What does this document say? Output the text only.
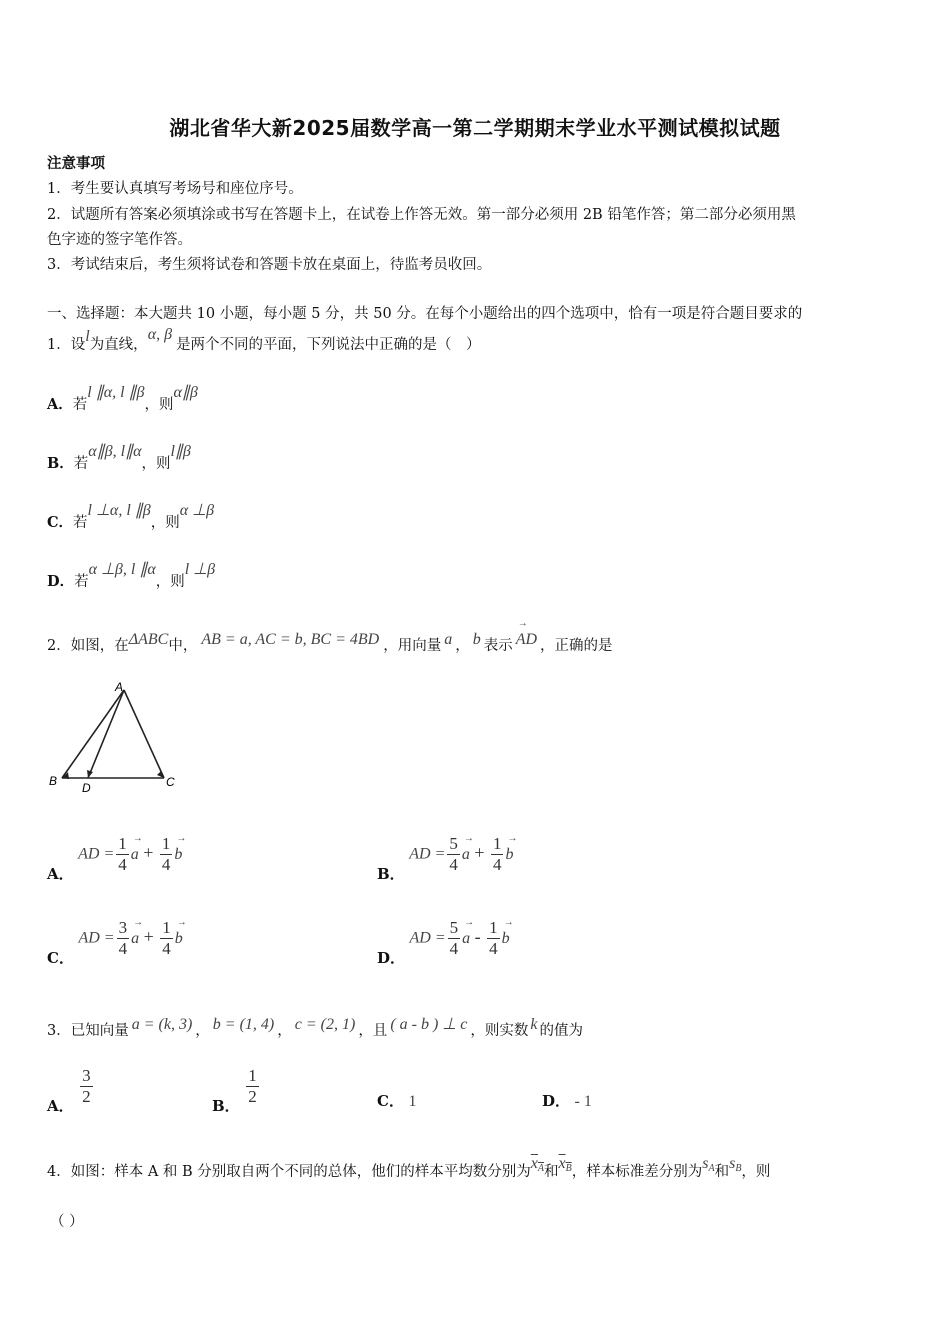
湖北省华大新2025届数学高一第二学期期末学业水平测试模拟试题
注意事项
1．考生要认真填写考场号和座位序号。
2．试题所有答案必须填涂或书写在答题卡上，在试卷上作答无效。第一部分必须用 2B 铅笔作答；第二部分必须用黑
色字迹的签字笔作答。
3．考试结束后，考生须将试卷和答题卡放在桌面上，待监考员收回。
一、选择题：本大题共 10 小题，每小题 5 分，共 50 分。在每个小题给出的四个选项中，恰有一项是符合题目要求的
1．设l为直线，α, β是两个不同的平面，下列说法中正确的是（　）
A．若l ∥α, l ∥β，则α∥β
B．若α∥β, l∥α，则l∥β
C．若l ⊥α, l ∥β，则α ⊥β
D．若α ⊥β, l ∥α，则l ⊥β
2．如图，在ΔABC中， AB = a, AC = b, BC = 4BD ，用向量 a ， b 表示 → AD ，正确的是
A
B	C
D
$_{A.}$ AD = $\frac{1}{4} \to a + \frac{1}{4} \to b$
$_{B.}$ AD = $\frac{5}{4} \to a + \frac{1}{4} \to b$
$_{C.}$ AD = $\frac{3}{4} \to a + \frac{1}{4} \to b$
$_{D.}$ AD = $\frac{5}{4} \to a - \frac{1}{4} \to b$
3．已知向量 a = (k, 3) ， b = (1, 4) ， c = (2, 1) ，且 ( a - b ) ⊥ c ，则实数 k 的值为
$_{A.} \frac{3}{2}$	$_{B.} \frac{1}{2}$	C． 1	D． - 1
4．如图：样本 A 和 B 分别取自两个不同的总体，他们的样本平均数分别为$x_A$和$x_B$，样本标准差分别为$s_A$和$s_B$，则
（ ）
